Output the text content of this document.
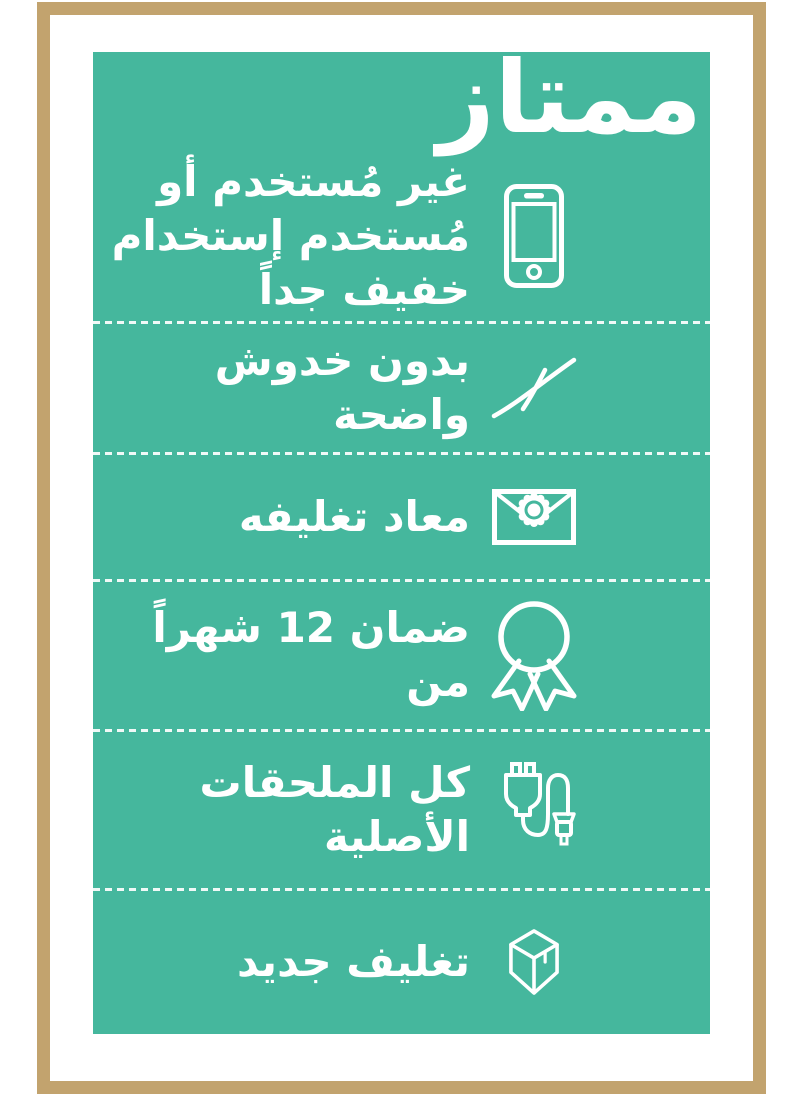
ممتاز
غير مُستخدم أو
مُستخدم إستخدام
خفيف جداً
بدون خدوش
واضحة
معاد تغليفه
ضمان 12 شهراً
من
كل الملحقات
الأصلية
تغليف جديد
